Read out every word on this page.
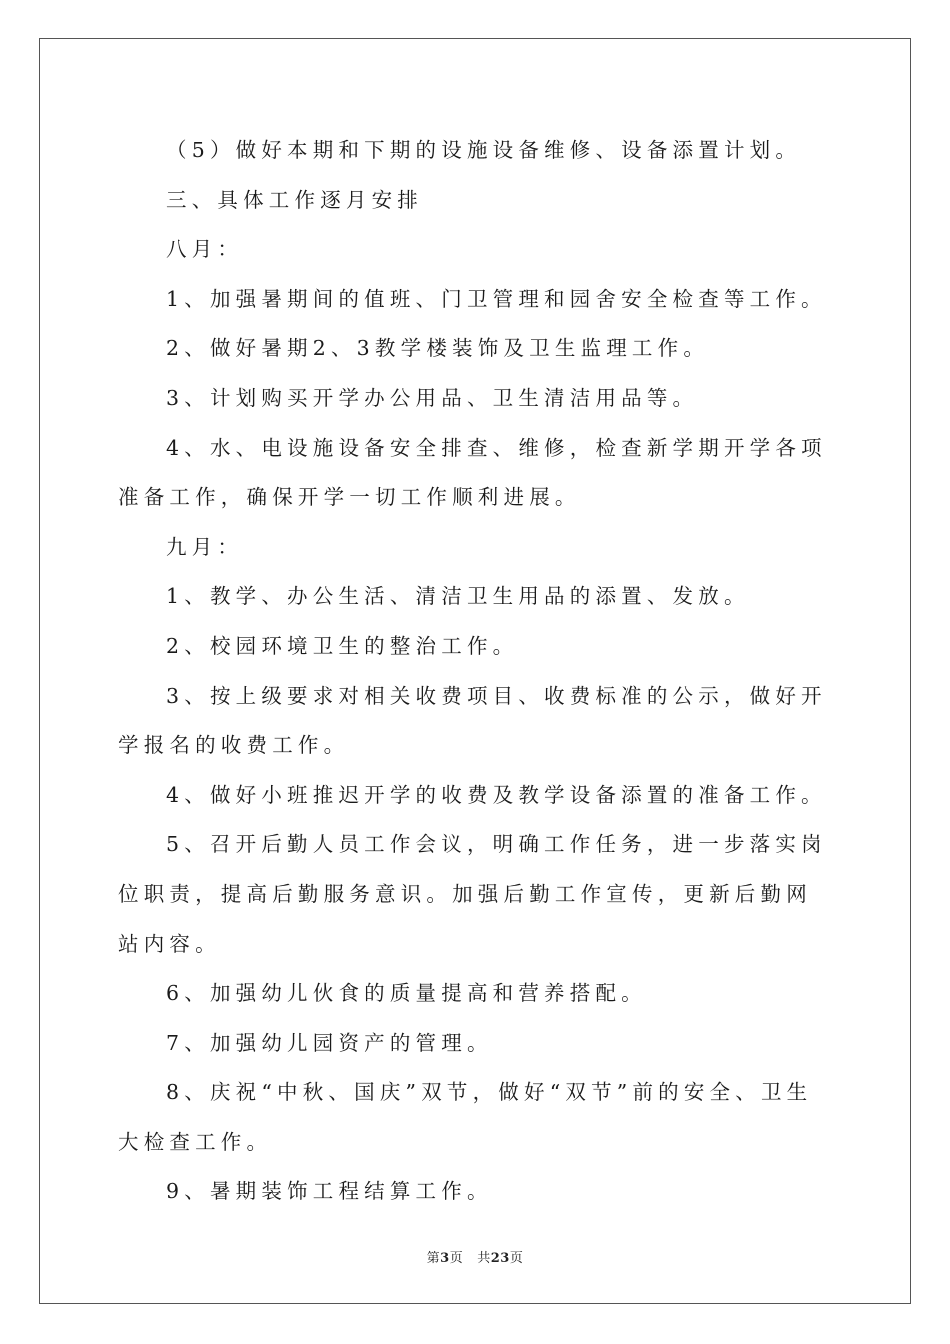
（5）做好本期和下期的设施设备维修、设备添置计划。

三、具体工作逐月安排

八月：

1、加强暑期间的值班、门卫管理和园舍安全检查等工作。

2、做好暑期2、3教学楼装饰及卫生监理工作。

3、计划购买开学办公用品、卫生清洁用品等。

4、水、电设施设备安全排查、维修，检查新学期开学各项准备工作，确保开学一切工作顺利进展。

九月：

1、教学、办公生活、清洁卫生用品的添置、发放。

2、校园环境卫生的整治工作。

3、按上级要求对相关收费项目、收费标准的公示，做好开学报名的收费工作。

4、做好小班推迟开学的收费及教学设备添置的准备工作。

5、召开后勤人员工作会议，明确工作任务，进一步落实岗位职责，提高后勤服务意识。加强后勤工作宣传，更新后勤网站内容。

6、加强幼儿伙食的质量提高和营养搭配。

7、加强幼儿园资产的管理。

8、庆祝“中秋、国庆”双节，做好“双节”前的安全、卫生大检查工作。

9、暑期装饰工程结算工作。

第3页 共23页
